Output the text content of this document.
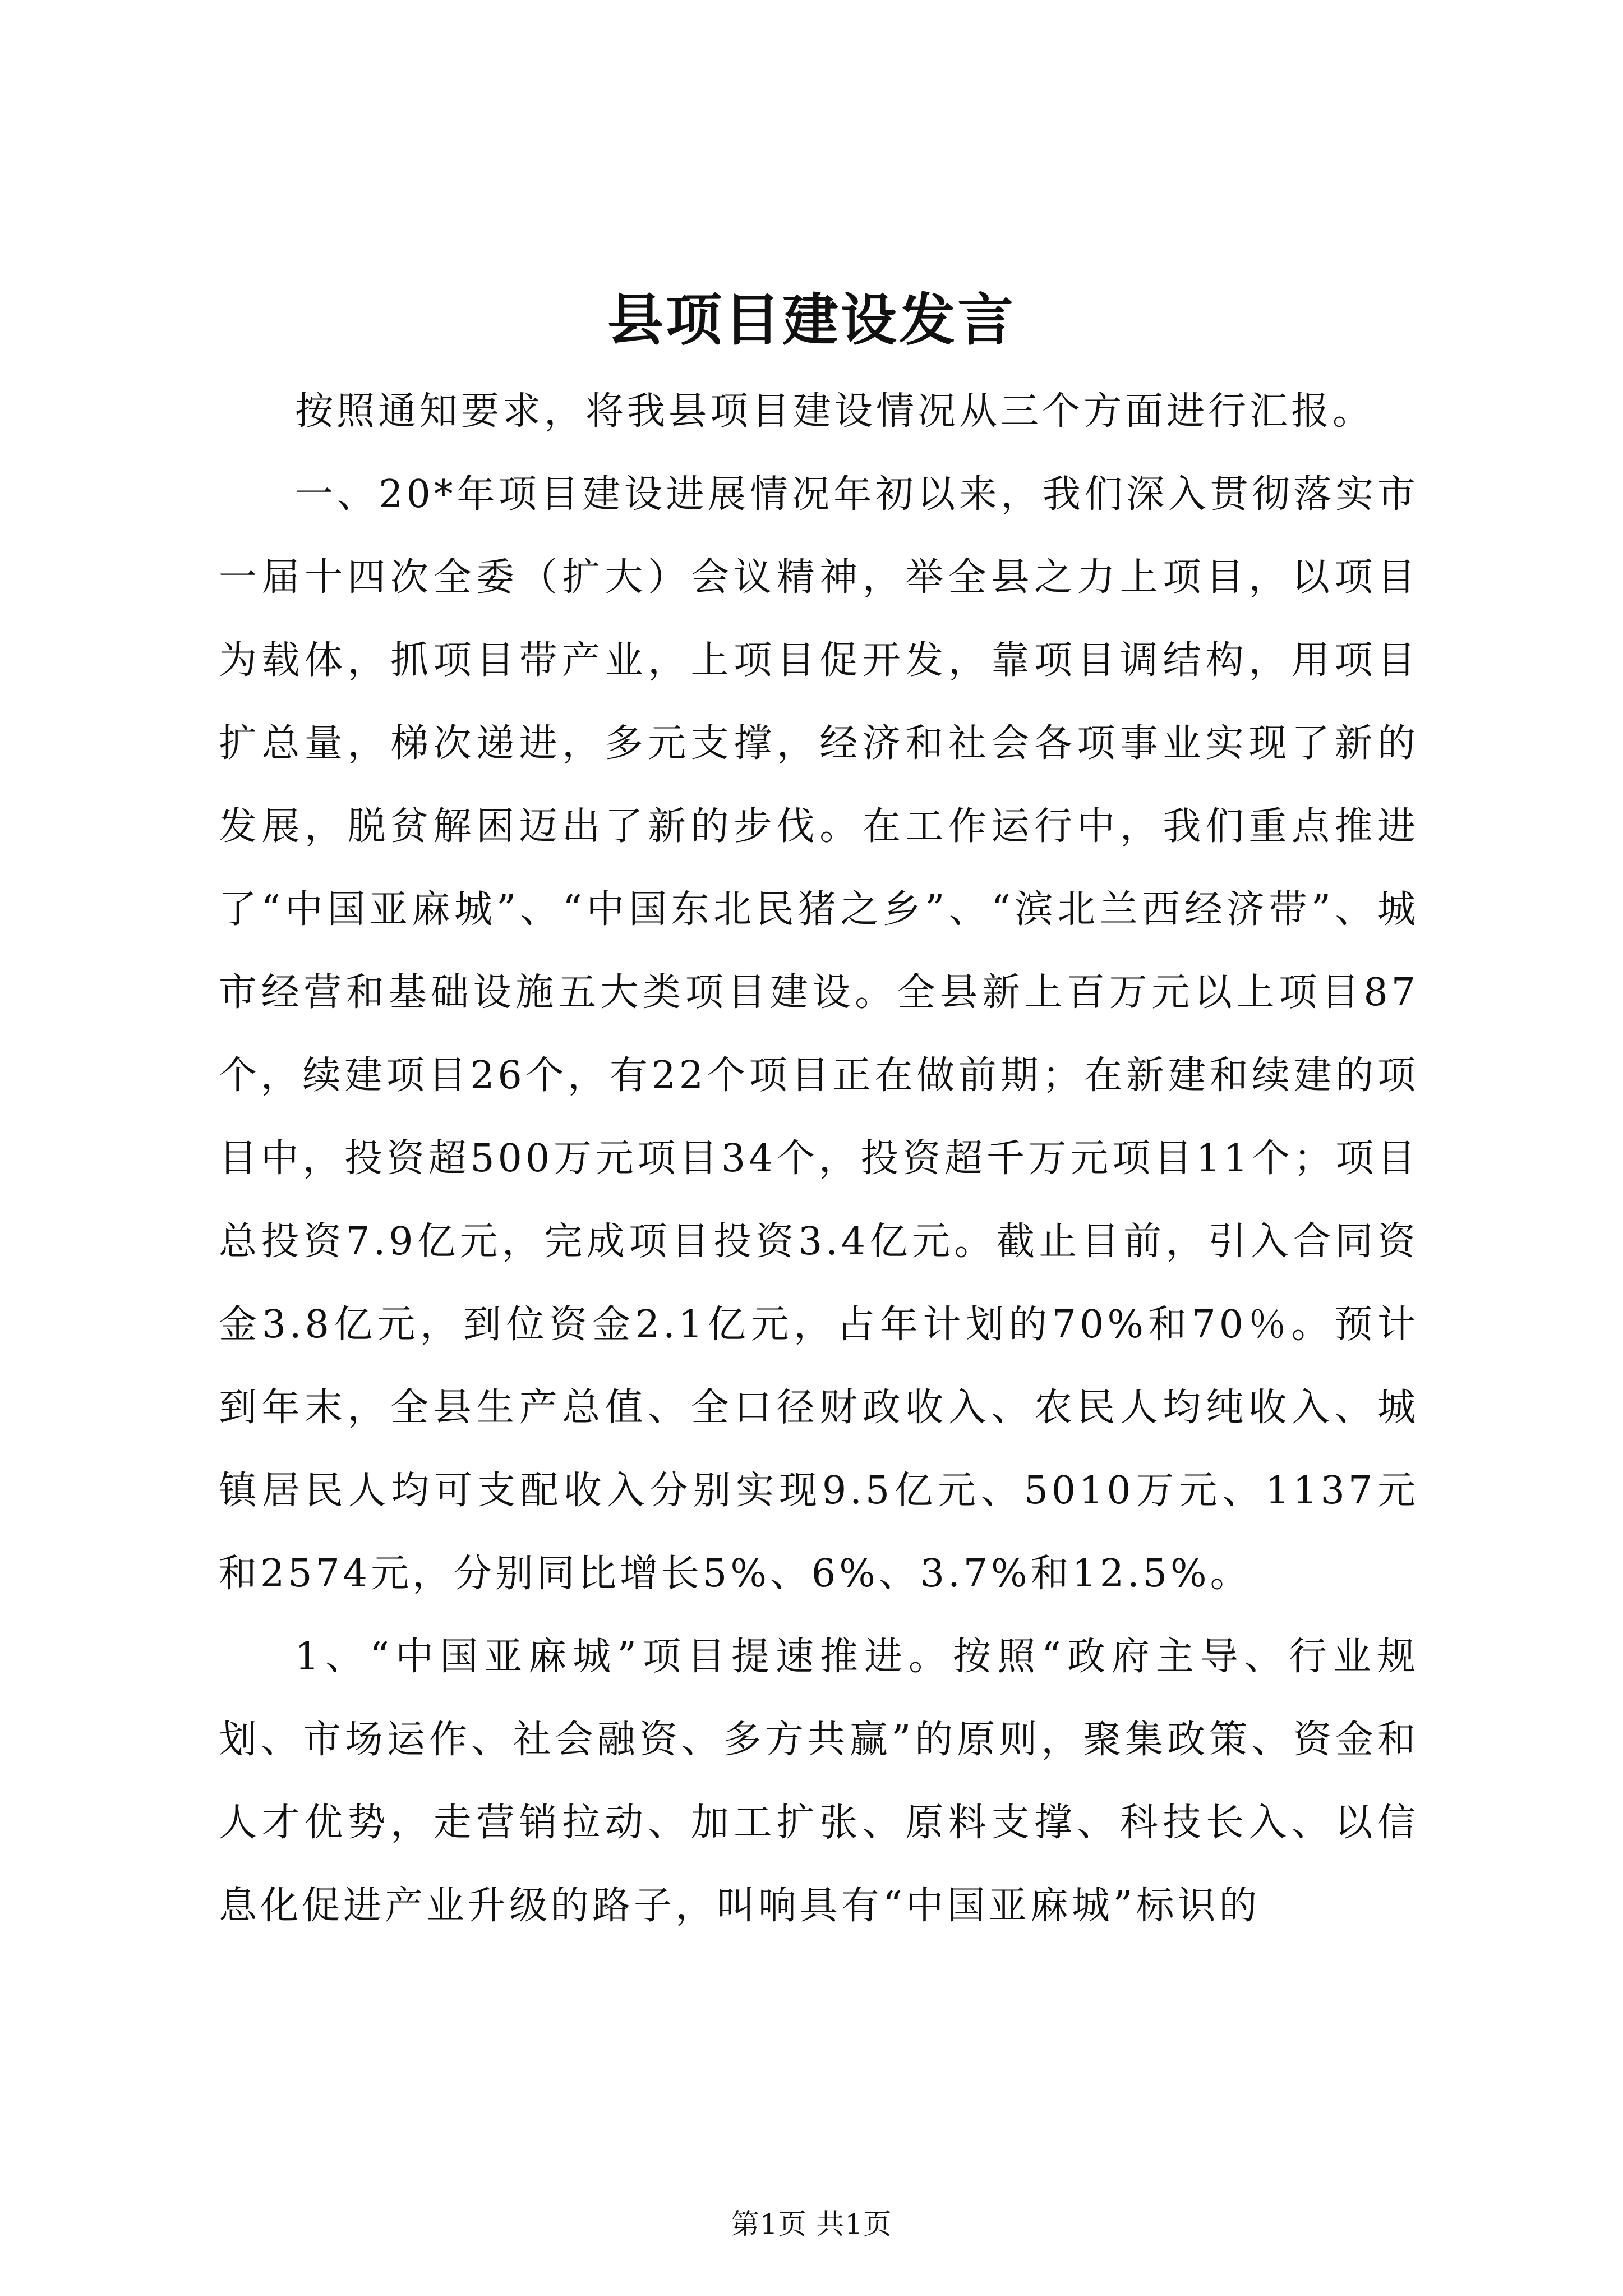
县项目建设发言

按照通知要求，将我县项目建设情况从三个方面进行汇报。

一、20*年项目建设进展情况年初以来，我们深入贯彻落实市一届十四次全委（扩大）会议精神，举全县之力上项目，以项目为载体，抓项目带产业，上项目促开发，靠项目调结构，用项目扩总量，梯次递进，多元支撑，经济和社会各项事业实现了新的发展，脱贫解困迈出了新的步伐。在工作运行中，我们重点推进了“中国亚麻城”、“中国东北民猪之乡”、“滨北兰西经济带”、城市经营和基础设施五大类项目建设。全县新上百万元以上项目87个，续建项目26个，有22个项目正在做前期；在新建和续建的项目中，投资超500万元项目34个，投资超千万元项目11个；项目总投资7.9亿元，完成项目投资3.4亿元。截止目前，引入合同资金3.8亿元，到位资金2.1亿元，占年计划的70%和70％。预计到年末，全县生产总值、全口径财政收入、农民人均纯收入、城镇居民人均可支配收入分别实现9.5亿元、5010万元、1137元和2574元，分别同比增长5%、6%、3.7%和12.5%。

1、“中国亚麻城”项目提速推进。按照“政府主导、行业规划、市场运作、社会融资、多方共赢”的原则，聚集政策、资金和人才优势，走营销拉动、加工扩张、原料支撑、科技长入、以信息化促进产业升级的路子，叫响具有“中国亚麻城”标识的

第1页 共1页
